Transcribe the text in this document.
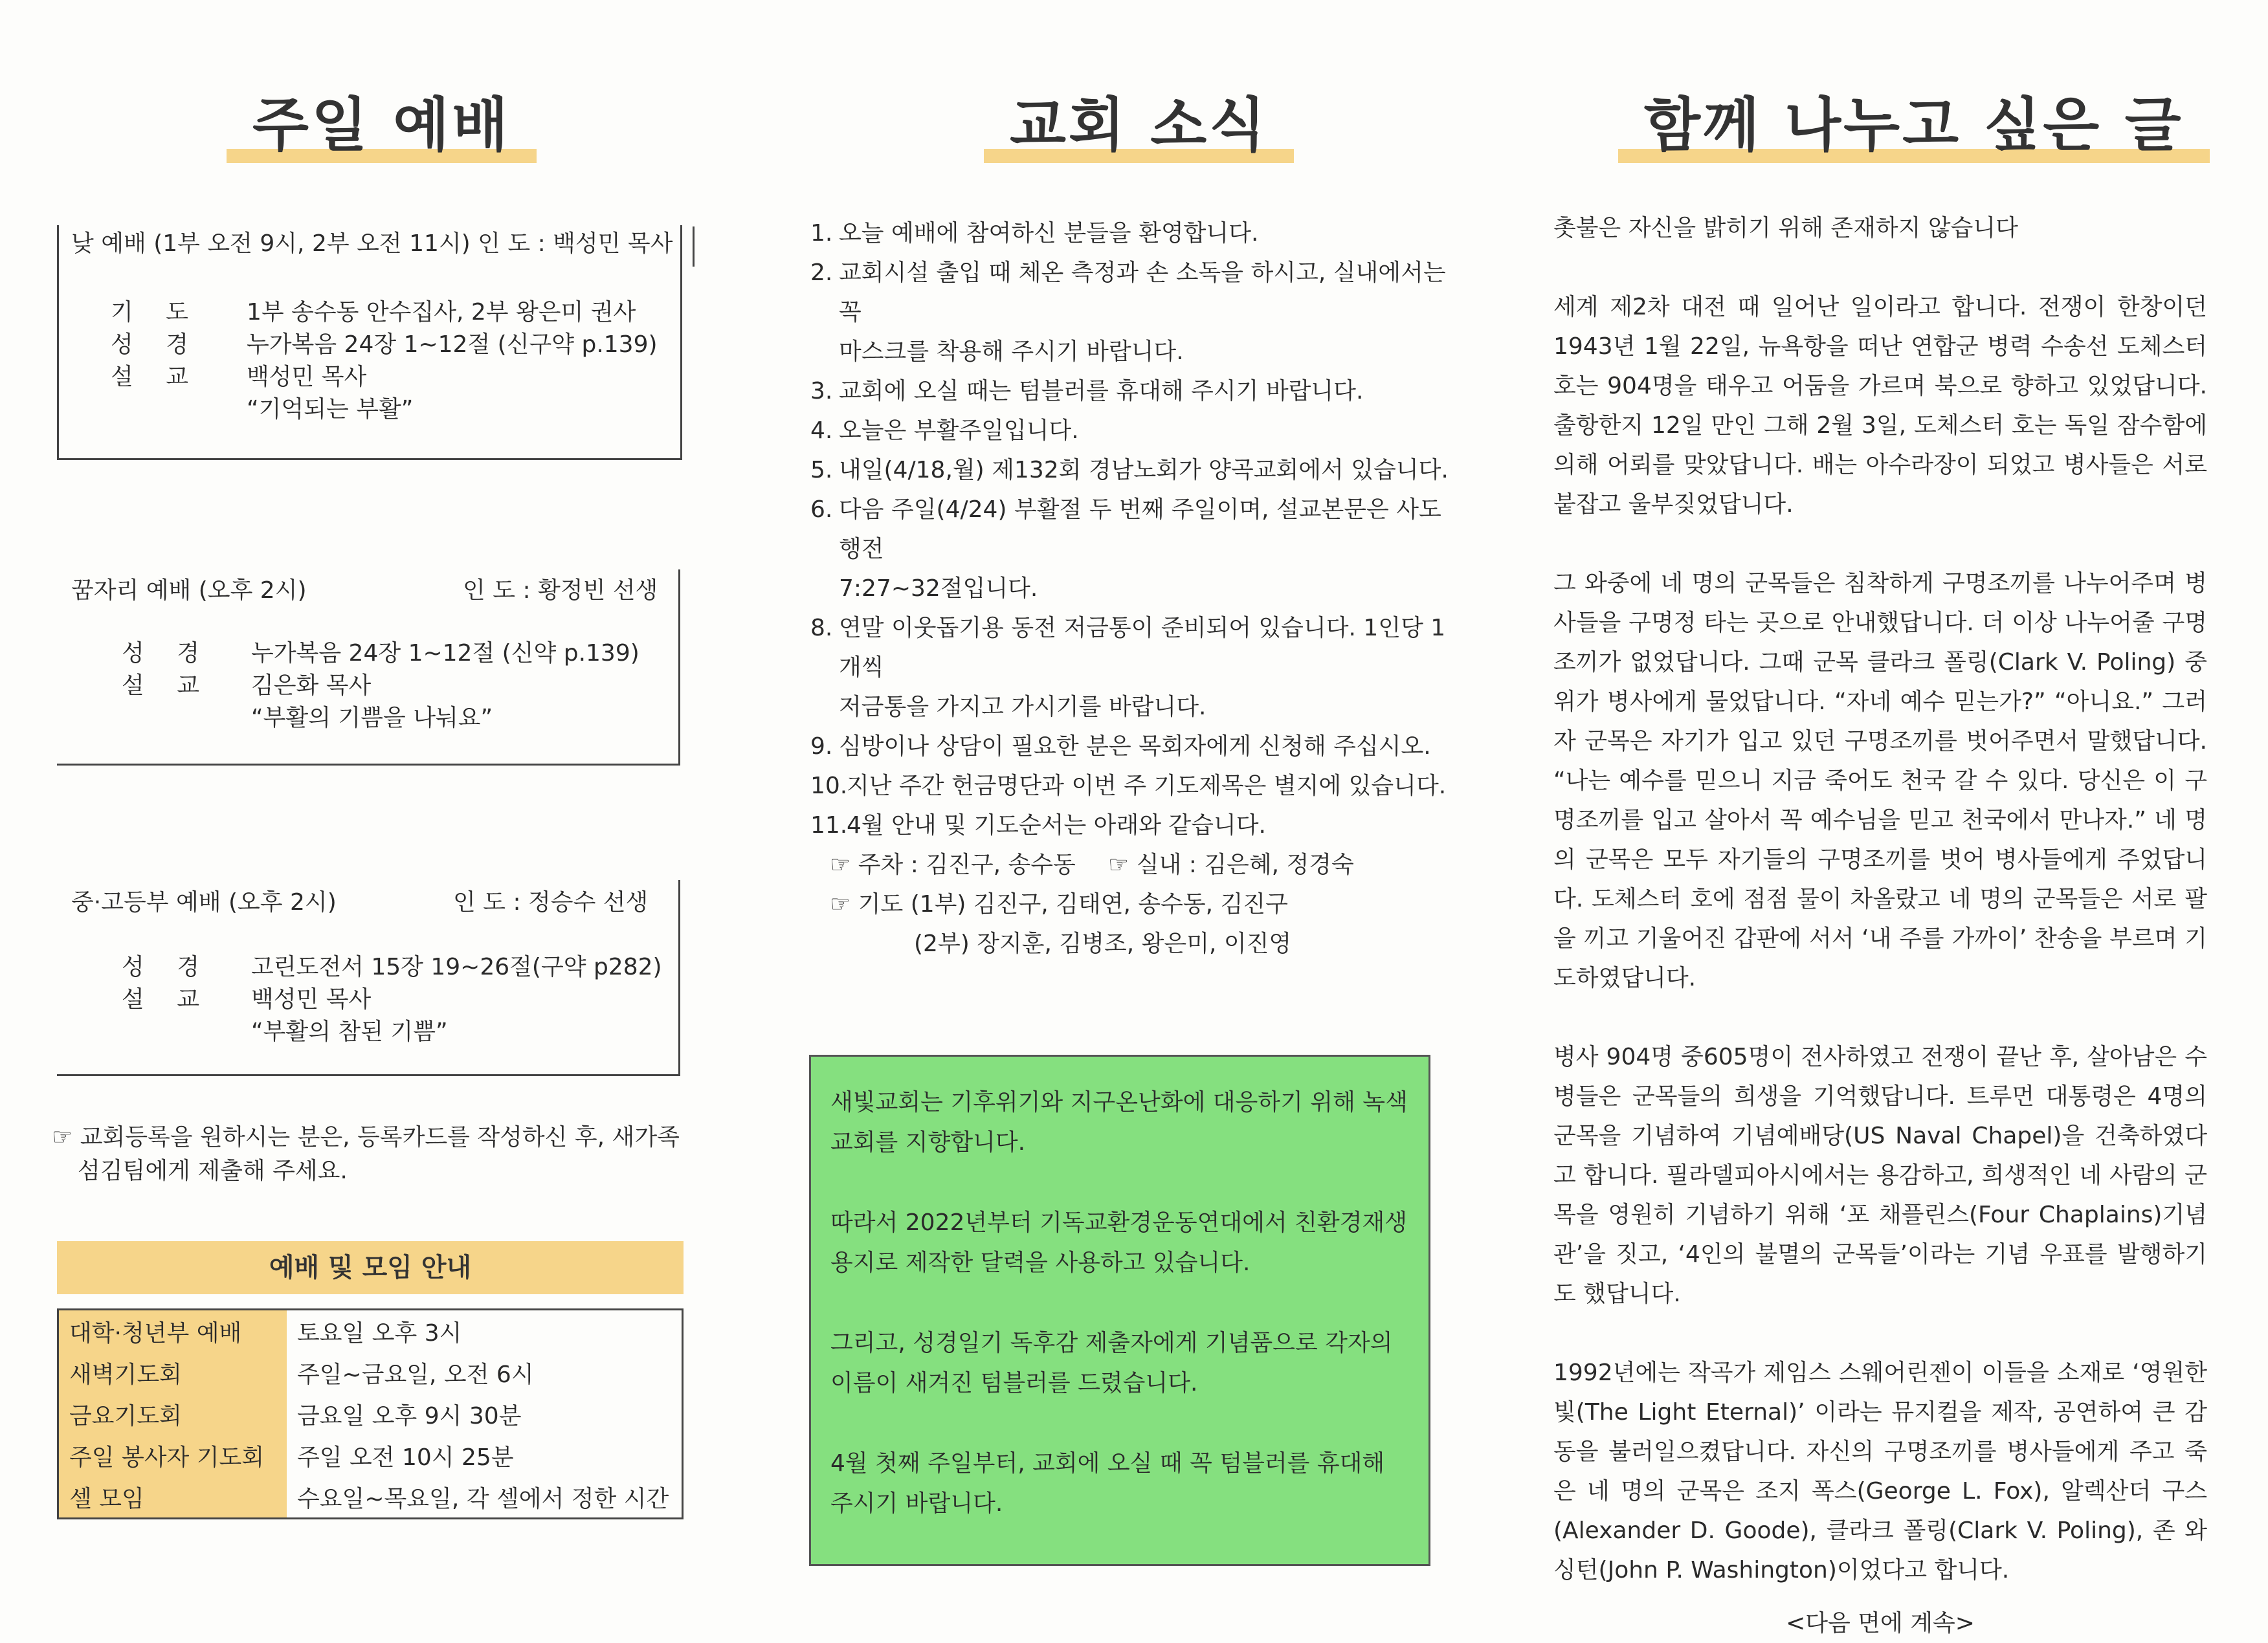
주일 예배
낮 예배 (1부 오전 9시, 2부 오전 11시) 인 도 : 백성민 목사
기 도	1부 송수동 안수집사, 2부 왕은미 권사
성 경	누가복음 24장 1~12절 (신구약 p.139)
설 교	백성민 목사
“기억되는 부활”
꿈자리 예배 (오후 2시)	인 도 : 황정빈 선생
성 경 누가복음 24장 1~12절 (신약 p.139)
설 교 김은화 목사
“부활의 기쁨을 나눠요”
중·고등부 예배 (오후 2시)	인 도 : 정승수 선생
성 경 고린도전서 15장 19~26절(구약 p282)
설 교 백성민 목사
“부활의 참된 기쁨”
☞ 교회등록을 원하시는 분은, 등록카드를 작성하신 후, 새가족
섬김팀에게 제출해 주세요.
예배 및 모임 안내
대학·청년부 예배	토요일 오후 3시
새벽기도회	주일~금요일, 오전 6시
금요기도회	금요일 오후 9시 30분
주일 봉사자 기도회	주일 오전 10시 25분
셀 모임	수요일~목요일, 각 셀에서 정한 시간
교회 소식
1. 오늘 예배에 참여하신 분들을 환영합니다.
2. 교회시설 출입 때 체온 측정과 손 소독을 하시고, 실내에서는 꼭
마스크를 착용해 주시기 바랍니다.
3. 교회에 오실 때는 텀블러를 휴대해 주시기 바랍니다.
4. 오늘은 부활주일입니다.
5. 내일(4/18,월) 제132회 경남노회가 양곡교회에서 있습니다.
6. 다음 주일(4/24) 부활절 두 번째 주일이며, 설교본문은 사도행전
7:27~32절입니다.
8. 연말 이웃돕기용 동전 저금통이 준비되어 있습니다. 1인당 1개씩
저금통을 가지고 가시기를 바랍니다.
9. 심방이나 상담이 필요한 분은 목회자에게 신청해 주십시오.
10.
지난 주간 헌금명단과 이번 주 기도제목은 별지에 있습니다.
11.
4월 안내 및 기도순서는 아래와 같습니다.
☞ 주차 : 김진구, 송수동	☞ 실내 : 김은혜, 정경숙
☞ 기도 (1부) 김진구, 김태연, 송수동, 김진구
(2부) 장지훈, 김병조, 왕은미, 이진영

새빛교회는 기후위기와 지구온난화에 대응하기 위해 녹색교회를 지향합니다.

따라서 2022년부터 기독교환경운동연대에서 친환경재생용지로 제작한 달력을 사용하고 있습니다.

그리고, 성경일기 독후감 제출자에게 기념품으로 각자의 이름이 새겨진 텀블러를 드렸습니다.

4월 첫째 주일부터, 교회에 오실 때 꼭 텀블러를 휴대해 주시기 바랍니다.

함께 나누고 싶은 글

촛불은 자신을 밝히기 위해 존재하지 않습니다

세계 제2차 대전 때 일어난 일이라고 합니다. 전쟁이 한창이던 1943년 1월 22일, 뉴욕항을 떠난 연합군 병력 수송선 도체스터 호는 904명을 태우고 어둠을 가르며 북으로 향하고 있었답니다. 출항한지 12일 만인 그해 2월 3일, 도체스터 호는 독일 잠수함에 의해 어뢰를 맞았답니다. 배는 아수라장이 되었고 병사들은 서로 붙잡고 울부짖었답니다.

그 와중에 네 명의 군목들은 침착하게 구명조끼를 나누어주며 병사들을 구명정 타는 곳으로 안내했답니다. 더 이상 나누어줄 구명조끼가 없었답니다. 그때 군목 클라크 폴링(Clark V. Poling) 중위가 병사에게 물었답니다. “자네 예수 믿는가?” “아니요.” 그러자 군목은 자기가 입고 있던 구명조끼를 벗어주면서 말했답니다. “나는 예수를 믿으니 지금 죽어도 천국 갈 수 있다. 당신은 이 구명조끼를 입고 살아서 꼭 예수님을 믿고 천국에서 만나자.” 네 명의 군목은 모두 자기들의 구명조끼를 벗어 병사들에게 주었답니다. 도체스터 호에 점점 물이 차올랐고 네 명의 군목들은 서로 팔을 끼고 기울어진 갑판에 서서 ‘내 주를 가까이’ 찬송을 부르며 기도하였답니다.

병사 904명 중605명이 전사하였고 전쟁이 끝난 후, 살아남은 수병들은 군목들의 희생을 기억했답니다. 트루먼 대통령은 4명의 군목을 기념하여 기념예배당(US Naval Chapel)을 건축하였다고 합니다. 필라델피아시에서는 용감하고, 희생적인 네 사람의 군목을 영원히 기념하기 위해 ‘포 채플린스(Four Chaplains)기념관’을 짓고, ‘4인의 불멸의 군목들’이라는 기념 우표를 발행하기도 했답니다.

1992년에는 작곡가 제임스 스웨어린젠이 이들을 소재로 ‘영원한 빛(The Light Eternal)’ 이라는 뮤지컬을 제작, 공연하여 큰 감동을 불러일으켰답니다. 자신의 구명조끼를 병사들에게 주고 죽은 네 명의 군목은 조지 폭스(George L. Fox), 알렉산더 구스(Alexander D. Goode), 클라크 폴링(Clark V. Poling), 존 와싱턴(John P. Washington)이었다고 합니다.

<다음 면에 계속>
